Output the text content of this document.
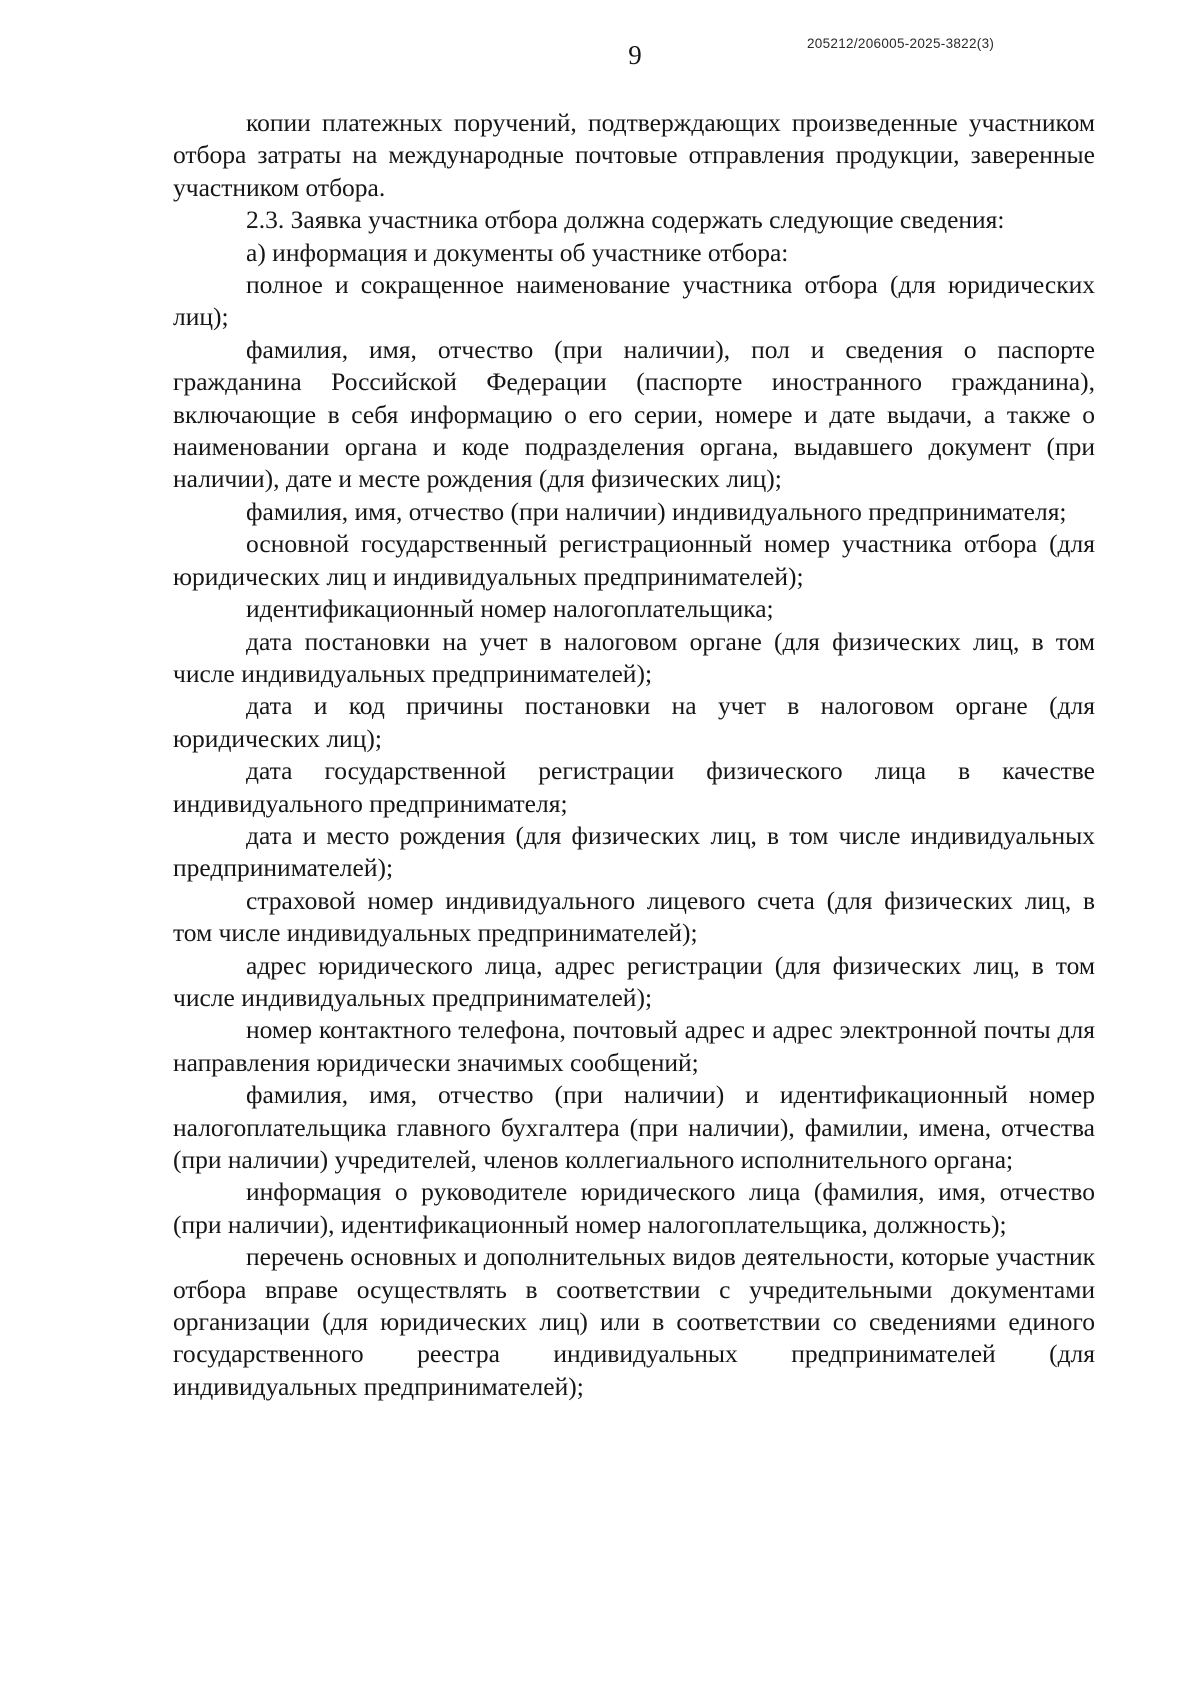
9	205212/206005-2025-3822(3)

копии платежных поручений, подтверждающих произведенные участником отбора затраты на международные почтовые отправления продукции, заверенные участником отбора.

2.3. Заявка участника отбора должна содержать следующие сведения:

а) информация и документы об участнике отбора:

полное и сокращенное наименование участника отбора (для юридических лиц);

фамилия, имя, отчество (при наличии), пол и сведения о паспорте гражданина Российской Федерации (паспорте иностранного гражданина), включающие в себя информацию о его серии, номере и дате выдачи, а также о наименовании органа и коде подразделения органа, выдавшего документ (при наличии), дате и месте рождения (для физических лиц);

фамилия, имя, отчество (при наличии) индивидуального предпринимателя;

основной государственный регистрационный номер участника отбора (для юридических лиц и индивидуальных предпринимателей);

идентификационный номер налогоплательщика;

дата постановки на учет в налоговом органе (для физических лиц, в том числе индивидуальных предпринимателей);

дата и код причины постановки на учет в налоговом органе (для юридических лиц);

дата государственной регистрации физического лица в качестве индивидуального предпринимателя;

дата и место рождения (для физических лиц, в том числе индивидуальных предпринимателей);

страховой номер индивидуального лицевого счета (для физических лиц, в том числе индивидуальных предпринимателей);

адрес юридического лица, адрес регистрации (для физических лиц, в том числе индивидуальных предпринимателей);

номер контактного телефона, почтовый адрес и адрес электронной почты для направления юридически значимых сообщений;

фамилия, имя, отчество (при наличии) и идентификационный номер налогоплательщика главного бухгалтера (при наличии), фамилии, имена, отчества (при наличии) учредителей, членов коллегиального исполнительного органа;

информация о руководителе юридического лица (фамилия, имя, отчество (при наличии), идентификационный номер налогоплательщика, должность);

перечень основных и дополнительных видов деятельности, которые участник отбора вправе осуществлять в соответствии с учредительными документами организации (для юридических лиц) или в соответствии со сведениями единого государственного реестра индивидуальных предпринимателей (для индивидуальных предпринимателей);
